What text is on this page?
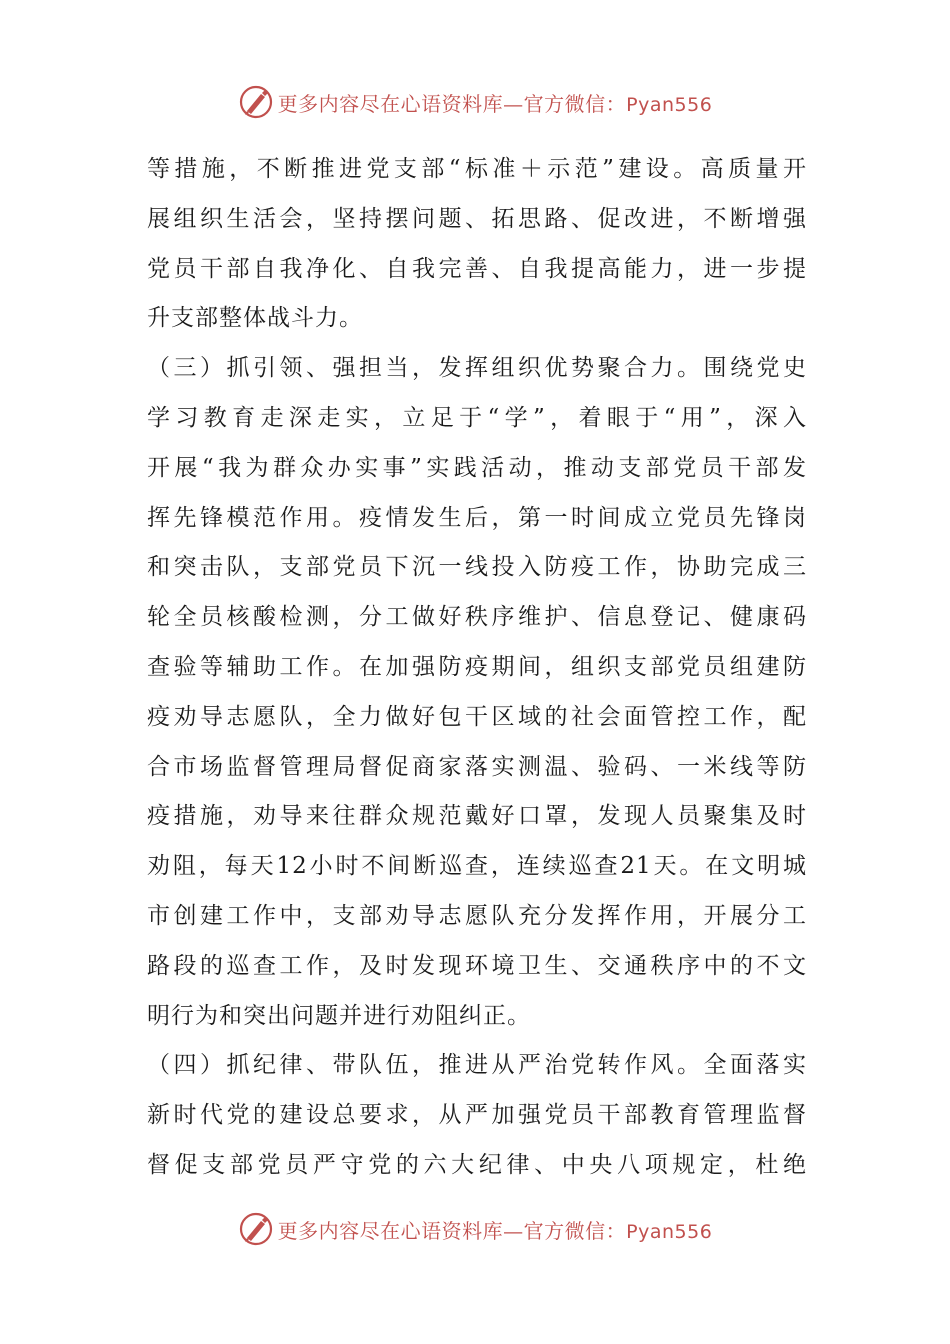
更多内容尽在心语资料库—官方微信：Pyan556
等措施，不断推进党支部“标准＋示范”建设。高质量开
展组织生活会，坚持摆问题、拓思路、促改进，不断增强
党员干部自我净化、自我完善、自我提高能力，进一步提
升支部整体战斗力。
（三）抓引领、强担当，发挥组织优势聚合力。围绕党史
学习教育走深走实，立足于“学”，着眼于“用”，深入
开展“我为群众办实事”实践活动，推动支部党员干部发
挥先锋模范作用。疫情发生后，第一时间成立党员先锋岗
和突击队，支部党员下沉一线投入防疫工作，协助完成三
轮全员核酸检测，分工做好秩序维护、信息登记、健康码
查验等辅助工作。在加强防疫期间，组织支部党员组建防
疫劝导志愿队，全力做好包干区域的社会面管控工作，配
合市场监督管理局督促商家落实测温、验码、一米线等防
疫措施，劝导来往群众规范戴好口罩，发现人员聚集及时
劝阻，每天12小时不间断巡查，连续巡查21天。在文明城
市创建工作中，支部劝导志愿队充分发挥作用，开展分工
路段的巡查工作，及时发现环境卫生、交通秩序中的不文
明行为和突出问题并进行劝阻纠正。
（四）抓纪律、带队伍，推进从严治党转作风。全面落实
新时代党的建设总要求，从严加强党员干部教育管理监督
督促支部党员严守党的六大纪律、中央八项规定，杜绝
更多内容尽在心语资料库—官方微信：Pyan556
